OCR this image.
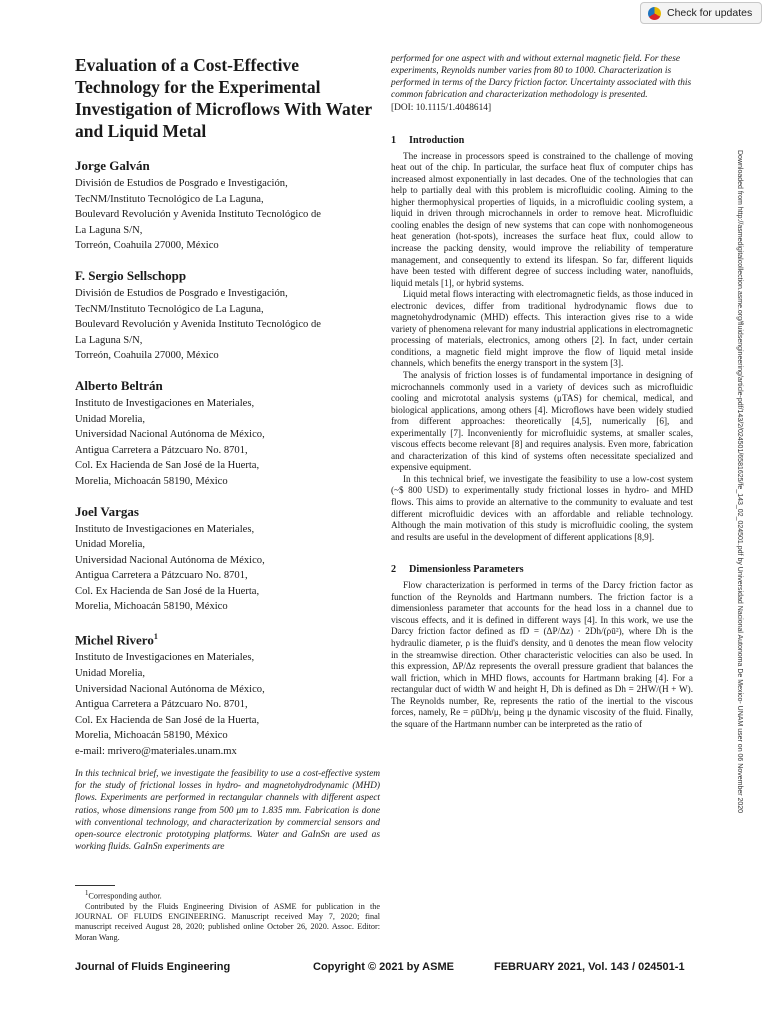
Check for updates
Evaluation of a Cost-Effective Technology for the Experimental Investigation of Microflows With Water and Liquid Metal
Jorge Galván
División de Estudios de Posgrado e Investigación,
TecNM/Instituto Tecnológico de La Laguna,
Boulevard Revolución y Avenida Instituto Tecnológico de
La Laguna S/N,
Torreón, Coahuila 27000, México
F. Sergio Sellschopp
División de Estudios de Posgrado e Investigación,
TecNM/Instituto Tecnológico de La Laguna,
Boulevard Revolución y Avenida Instituto Tecnológico de
La Laguna S/N,
Torreón, Coahuila 27000, México
Alberto Beltrán
Instituto de Investigaciones en Materiales,
Unidad Morelia,
Universidad Nacional Autónoma de México,
Antigua Carretera a Pátzcuaro No. 8701,
Col. Ex Hacienda de San José de la Huerta,
Morelia, Michoacán 58190, México
Joel Vargas
Instituto de Investigaciones en Materiales,
Unidad Morelia,
Universidad Nacional Autónoma de México,
Antigua Carretera a Pátzcuaro No. 8701,
Col. Ex Hacienda de San José de la Huerta,
Morelia, Michoacán 58190, México
Michel Rivero$^1$
Instituto de Investigaciones en Materiales,
Unidad Morelia,
Universidad Nacional Autónoma de México,
Antigua Carretera a Pátzcuaro No. 8701,
Col. Ex Hacienda de San José de la Huerta,
Morelia, Michoacán 58190, México
e-mail: mrivero@materiales.unam.mx
In this technical brief, we investigate the feasibility to use a cost-effective system for the study of frictional losses in hydro- and magnetohydrodynamic (MHD) flows. Experiments are performed in rectangular channels with different aspect ratios, whose dimensions range from 500 μm to 1.835 mm. Fabrication is done with conventional technology, and characterization by commercial sensors and open-source electronic prototyping platforms. Water and GaInSn are used as working fluids. GaInSn experiments are
$^1$Corresponding author.
Contributed by the Fluids Engineering Division of ASME for publication in the JOURNAL OF FLUIDS ENGINEERING. Manuscript received May 7, 2020; final manuscript received August 28, 2020; published online October 26, 2020. Assoc. Editor: Moran Wang.
performed for one aspect with and without external magnetic field. For these experiments, Reynolds number varies from 80 to 1000. Characterization is performed in terms of the Darcy friction factor. Uncertainty associated with this common fabrication and characterization methodology is presented.
[DOI: 10.1115/1.4048614]
1 Introduction

The increase in processors speed is constrained to the challenge of moving heat out of the chip. In particular, the surface heat flux of computer chips has increased almost exponentially in last decades. One of the technologies that can help to partially deal with this problem is microfluidic cooling. Aiming to the higher thermophysical properties of liquids, in a microfluidic cooling system, a liquid in driven through microchannels in order to remove heat. Microfluidic cooling enables the design of new systems that can cope with nonhomogeneous heat generation (hot-spots), increases the surface heat flux, could allow to increase the packing density, would improve the reliability of temperature management, and consequently to extend its lifespan. So far, different liquids have been tested with different degree of success including water, nanofluids, liquid metals [1], or hybrid systems.

Liquid metal flows interacting with electromagnetic fields, as those induced in electronic devices, differ from traditional hydrodynamic flows due to magnetohydrodynamic (MHD) effects. This interaction gives rise to a wide variety of phenomena relevant for many industrial applications in electromagnetic processing of materials, electronics, among others [2]. In fact, under certain conditions, a magnetic field might improve the flow of liquid metal inside channels, which benefits the energy transport in the system [3].

The analysis of friction losses is of fundamental importance in designing of microchannels commonly used in a variety of devices such as microfluidic cooling and micrototal analysis systems (μTAS) for chemical, medical, and biological applications, among others [4]. Microflows have been widely studied from different approaches: theoretically [4,5], numerically [6], and experimentally [7]. Inconveniently for microfluidic systems, at smaller scales, viscous effects become relevant [8] and requires analysis. Even more, fabrication and characterization of this kind of systems often necessitate specialized and expensive equipment.

In this technical brief, we investigate the feasibility to use a low-cost system (~$ 800 USD) to experimentally study frictional losses in hydro- and MHD flows. This aims to provide an alternative to the community to evaluate and test different microfluidic devices with an affordable and reliable technology. Although the main motivation of this study is microfluidic cooling, the system and results are useful in the development of different applications [8,9].

2 Dimensionless Parameters

Flow characterization is performed in terms of the Darcy friction factor as function of the Reynolds and Hartmann numbers. The friction factor is a dimensionless parameter that accounts for the head loss in a channel due to viscous effects, and it is defined in different ways [4]. In this work, we use the Darcy friction factor defined as fD = (ΔP/Δz) · 2Dh/(ρū²), where Dh is the hydraulic diameter, ρ is the fluid's density, and ū denotes the mean flow velocity in the streamwise direction. Other characteristic velocities can also be used. In this expression, ΔP/Δz represents the overall pressure gradient that balances the wall friction, which in MHD flows, accounts for Hartmann braking [4]. For a rectangular duct of width W and height H, Dh is defined as Dh = 2HW/(H + W). The Reynolds number, Re, represents the ratio of the inertial to the viscous forces, namely, Re = ρūDh/μ, being μ the dynamic viscosity of the fluid. Finally, the square of the Hartmann number can be interpreted as the ratio of	Downloaded from http://asmedigitalcollection.asme.org/fluidsengineering/article-pdf/143/2/024501/6581625/fe_143_02_024501.pdf by Universidad Nacional Autonoma De Mexico- UNAM user on 06 November 2020
Journal of Fluids Engineering	Copyright © 2021 by ASME	FEBRUARY 2021, Vol. 143 / 024501-1
